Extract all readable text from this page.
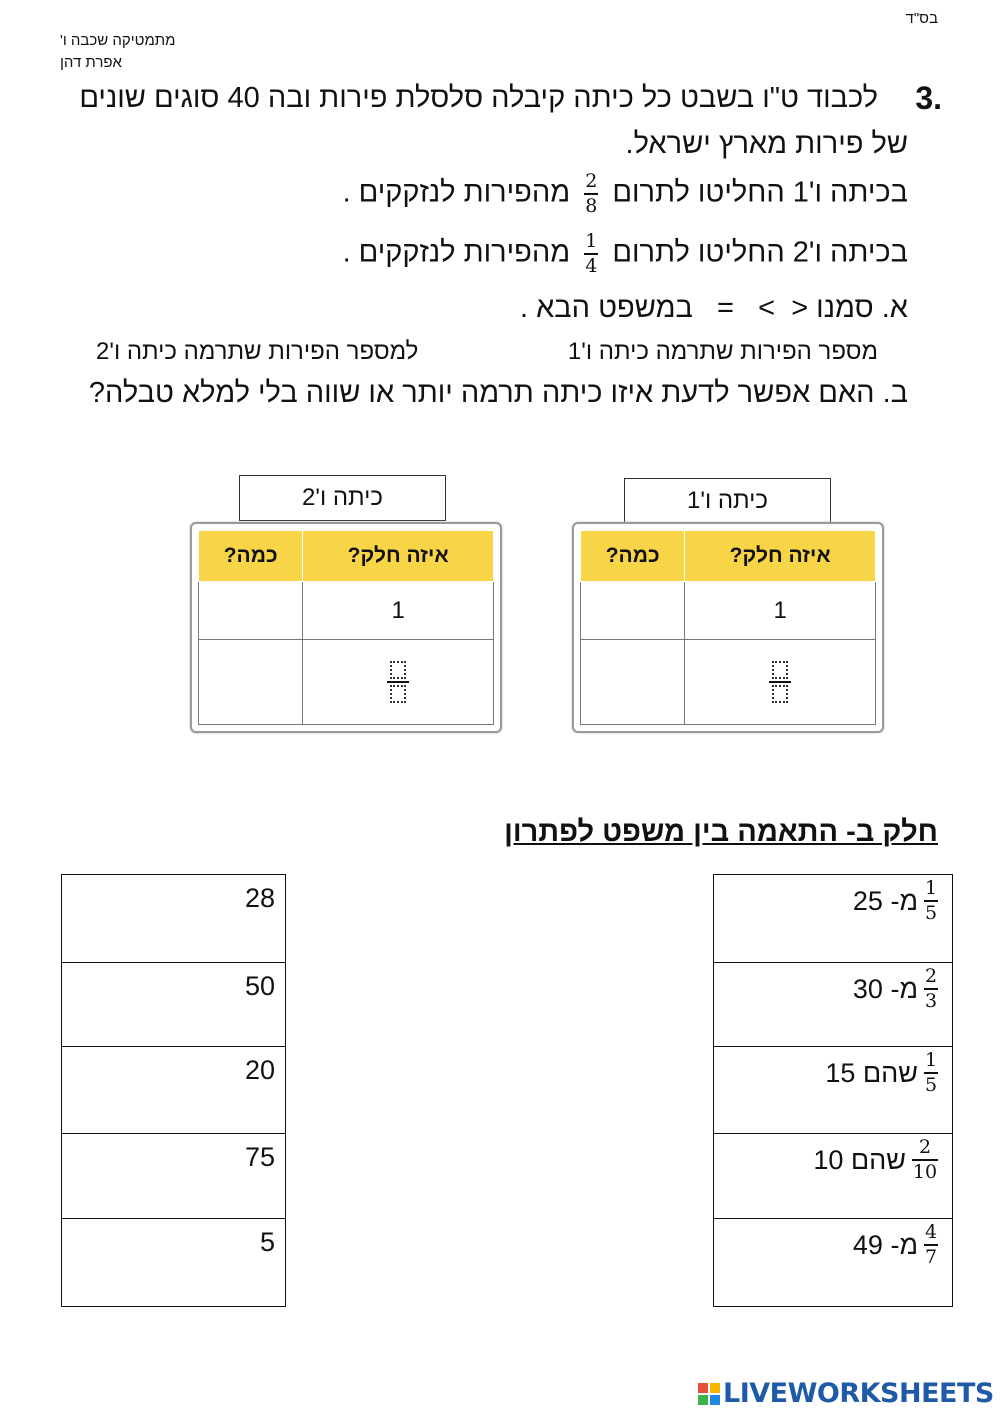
בס"ד
מתמטיקה שכבה ו'
אפרת דהן
3.
לכבוד ט"ו בשבט כל כיתה קיבלה סלסלת פירות ובה 40 סוגים שונים
של פירות מארץ ישראל.
בכיתה ו'1 החליטו לתרום
$\frac{2}{8}$
מהפירות לנזקקים .
בכיתה ו'2 החליטו לתרום
$\frac{1}{4}$
מהפירות לנזקקים .
א. סמנו <  >   =   במשפט הבא .
מספר הפירות שתרמה כיתה ו'1
למספר הפירות שתרמה כיתה ו'2
ב. האם אפשר לדעת איזו כיתה תרמה יותר או שווה בלי למלא טבלה?
כיתה ו'1
איזה חלק?	כמה?
1	

כיתה ו'2
איזה חלק?	כמה?
1	

חלק ב- התאמה בין משפט לפתרון
$\frac{1}{5}$
מ- 25
$\frac{2}{3}$
מ- 30
$\frac{1}{5}$
שהם 15
$\frac{2}{10}$
שהם 10
$\frac{4}{7}$
מ- 49
28
50
20
75
5
LIVEWORKSHEETS
